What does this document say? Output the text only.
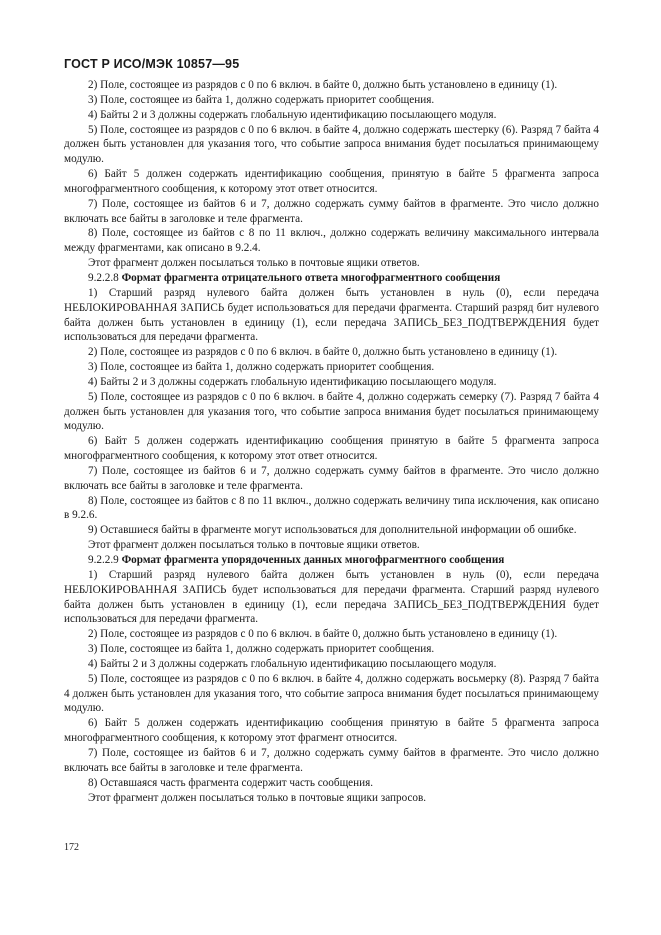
ГОСТ Р ИСО/МЭК 10857—95

2) Поле, состоящее из разрядов с 0 по 6 включ. в байте 0, должно быть установлено в единицу (1).

3) Поле, состоящее из байта 1, должно содержать приоритет сообщения.

4) Байты 2 и 3 должны содержать глобальную идентификацию посылающего модуля.

5) Поле, состоящее из разрядов с 0 по 6 включ. в байте 4, должно содержать шестерку (6). Разряд 7 байта 4 должен быть установлен для указания того, что событие запроса внимания будет посылаться принимающему модулю.

6) Байт 5 должен содержать идентификацию сообщения, принятую в байте 5 фрагмента запроса многофрагментного сообщения, к которому этот ответ относится.

7) Поле, состоящее из байтов 6 и 7, должно содержать сумму байтов в фрагменте. Это число должно включать все байты в заголовке и теле фрагмента.

8) Поле, состоящее из байтов с 8 по 11 включ., должно содержать величину максимального интервала между фрагментами, как описано в 9.2.4.

Этот фрагмент должен посылаться только в почтовые ящики ответов.

9.2.2.8 Формат фрагмента отрицательного ответа многофрагментного сообщения

1) Старший разряд нулевого байта должен быть установлен в нуль (0), если передача НЕБЛОКИРОВАННАЯ ЗАПИСЬ будет использоваться для передачи фрагмента. Старший разряд бит нулевого байта должен быть установлен в единицу (1), если передача ЗАПИСЬ_БЕЗ_ПОДТВЕРЖДЕНИЯ будет использоваться для передачи фрагмента.

2) Поле, состоящее из разрядов с 0 по 6 включ. в байте 0, должно быть установлено в единицу (1).

3) Поле, состоящее из байта 1, должно содержать приоритет сообщения.

4) Байты 2 и 3 должны содержать глобальную идентификацию посылающего модуля.

5) Поле, состоящее из разрядов с 0 по 6 включ. в байте 4, должно содержать семерку (7). Разряд 7 байта 4 должен быть установлен для указания того, что событие запроса внимания будет посылаться принимающему модулю.

6) Байт 5 должен содержать идентификацию сообщения принятую в байте 5 фрагмента запроса многофрагментного сообщения, к которому этот ответ относится.

7) Поле, состоящее из байтов 6 и 7, должно содержать сумму байтов в фрагменте. Это число должно включать все байты в заголовке и теле фрагмента.

8) Поле, состоящее из байтов с 8 по 11 включ., должно содержать величину типа исключения, как описано в 9.2.6.

9) Оставшиеся байты в фрагменте могут использоваться для дополнительной информации об ошибке.

Этот фрагмент должен посылаться только в почтовые ящики ответов.

9.2.2.9 Формат фрагмента упорядоченных данных многофрагментного сообщения

1) Старший разряд нулевого байта должен быть установлен в нуль (0), если передача НЕБЛОКИРОВАННАЯ ЗАПИСЬ будет использоваться для передачи фрагмента. Старший разряд нулевого байта должен быть установлен в единицу (1), если передача ЗАПИСЬ_БЕЗ_ПОДТВЕРЖДЕНИЯ будет использоваться для передачи фрагмента.

2) Поле, состоящее из разрядов с 0 по 6 включ. в байте 0, должно быть установлено в единицу (1).

3) Поле, состоящее из байта 1, должно содержать приоритет сообщения.

4) Байты 2 и 3 должны содержать глобальную идентификацию посылающего модуля.

5) Поле, состоящее из разрядов с 0 по 6 включ. в байте 4, должно содержать восьмерку (8). Разряд 7 байта 4 должен быть установлен для указания того, что событие запроса внимания будет посылаться принимающему модулю.

6) Байт 5 должен содержать идентификацию сообщения принятую в байте 5 фрагмента запроса многофрагментного сообщения, к которому этот фрагмент относится.

7) Поле, состоящее из байтов 6 и 7, должно содержать сумму байтов в фрагменте. Это число должно включать все байты в заголовке и теле фрагмента.

8) Оставшаяся часть фрагмента содержит часть сообщения.

Этот фрагмент должен посылаться только в почтовые ящики запросов.

172
